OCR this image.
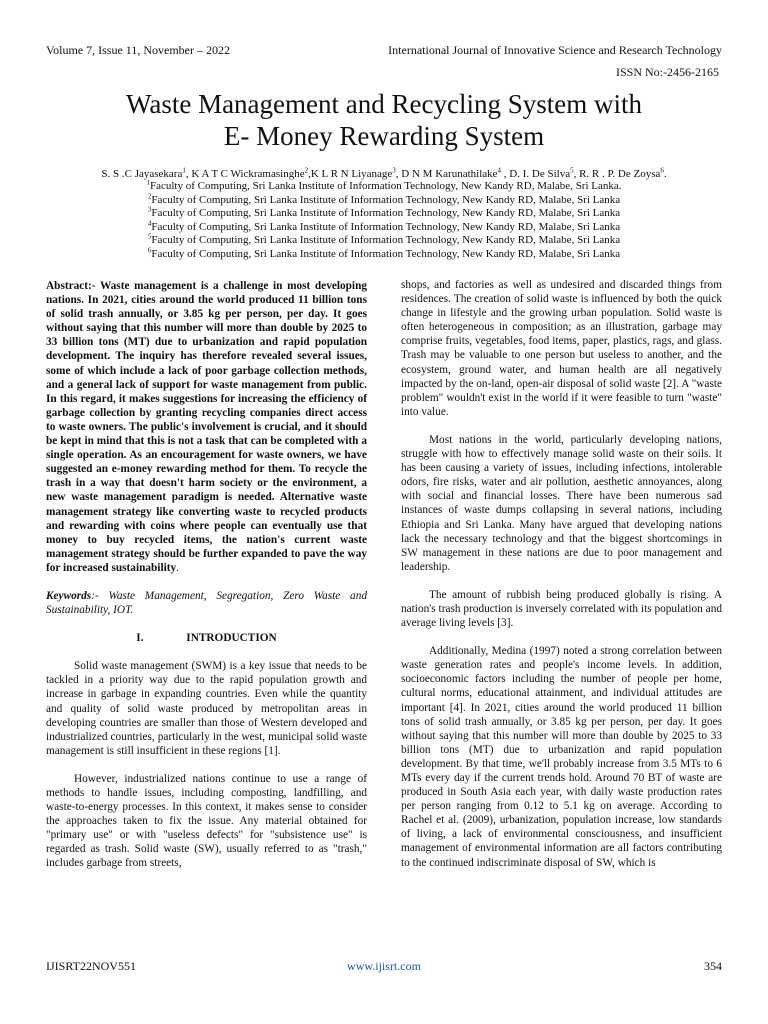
Volume 7, Issue 11, November – 2022	International Journal of Innovative Science and Research Technology
ISSN No:-2456-2165
Waste Management and Recycling System with
E- Money Rewarding System
S. S .C Jayasekara$^1$, K A T C Wickramasinghe$^2$,K L R N Liyanage$^3$, D N M Karunathilake$^4$ , D. I. De Silva$^5$, R. R . P. De Zoysa$^6$.
$^1$Faculty of Computing, Sri Lanka Institute of Information Technology, New Kandy RD, Malabe, Sri Lanka.
$^2$Faculty of Computing, Sri Lanka Institute of Information Technology, New Kandy RD, Malabe, Sri Lanka
$^3$Faculty of Computing, Sri Lanka Institute of Information Technology, New Kandy RD, Malabe, Sri Lanka
$^4$Faculty of Computing, Sri Lanka Institute of Information Technology, New Kandy RD, Malabe, Sri Lanka
$^5$Faculty of Computing, Sri Lanka Institute of Information Technology, New Kandy RD, Malabe, Sri Lanka
$^6$Faculty of Computing, Sri Lanka Institute of Information Technology, New Kandy RD, Malabe, Sri Lanka

Abstract:- Waste management is a challenge in most developing nations. In 2021, cities around the world produced 11 billion tons of solid trash annually, or 3.85 kg per person, per day. It goes without saying that this number will more than double by 2025 to 33 billion tons (MT) due to urbanization and rapid population development. The inquiry has therefore revealed several issues, some of which include a lack of poor garbage collection methods, and a general lack of support for waste management from public. In this regard, it makes suggestions for increasing the efficiency of garbage collection by granting recycling companies direct access to waste owners. The public's involvement is crucial, and it should be kept in mind that this is not a task that can be completed with a single operation. As an encouragement for waste owners, we have suggested an e-money rewarding method for them. To recycle the trash in a way that doesn't harm society or the environment, a new waste management paradigm is needed. Alternative waste management strategy like converting waste to recycled products and rewarding with coins where people can eventually use that money to buy recycled items, the nation's current waste management strategy should be further expanded to pave the way for increased sustainability.

Keywords:- Waste Management, Segregation, Zero Waste and Sustainability, IOT.

I.	INTRODUCTION

Solid waste management (SWM) is a key issue that needs to be tackled in a priority way due to the rapid population growth and increase in garbage in expanding countries. Even while the quantity and quality of solid waste produced by metropolitan areas in developing countries are smaller than those of Western developed and industrialized countries, particularly in the west, municipal solid waste management is still insufficient in these regions [1].

However, industrialized nations continue to use a range of methods to handle issues, including composting, landfilling, and waste-to-energy processes. In this context, it makes sense to consider the approaches taken to fix the issue. Any material obtained for "primary use" or with "useless defects" for "subsistence use" is regarded as trash. Solid waste (SW), usually referred to as "trash," includes garbage from streets,

shops, and factories as well as undesired and discarded things from residences. The creation of solid waste is influenced by both the quick change in lifestyle and the growing urban population. Solid waste is often heterogeneous in composition; as an illustration, garbage may comprise fruits, vegetables, food items, paper, plastics, rags, and glass. Trash may be valuable to one person but useless to another, and the ecosystem, ground water, and human health are all negatively impacted by the on-land, open-air disposal of solid waste [2]. A "waste problem" wouldn't exist in the world if it were feasible to turn "waste" into value.

Most nations in the world, particularly developing nations, struggle with how to effectively manage solid waste on their soils. It has been causing a variety of issues, including infections, intolerable odors, fire risks, water and air pollution, aesthetic annoyances, along with social and financial losses. There have been numerous sad instances of waste dumps collapsing in several nations, including Ethiopia and Sri Lanka. Many have argued that developing nations lack the necessary technology and that the biggest shortcomings in SW management in these nations are due to poor management and leadership.

The amount of rubbish being produced globally is rising. A nation's trash production is inversely correlated with its population and average living levels [3].

Additionally, Medina (1997) noted a strong correlation between waste generation rates and people's income levels. In addition, socioeconomic factors including the number of people per home, cultural norms, educational attainment, and individual attitudes are important [4]. In 2021, cities around the world produced 11 billion tons of solid trash annually, or 3.85 kg per person, per day. It goes without saying that this number will more than double by 2025 to 33 billion tons (MT) due to urbanization and rapid population development. By that time, we'll probably increase from 3.5 MTs to 6 MTs every day if the current trends hold. Around 70 BT of waste are produced in South Asia each year, with daily waste production rates per person ranging from 0.12 to 5.1 kg on average. According to Rachel et al. (2009), urbanization, population increase, low standards of living, a lack of environmental consciousness, and insufficient management of environmental information are all factors contributing to the continued indiscriminate disposal of SW, which is

IJISRT22NOV551	www.ijisrt.com	354
